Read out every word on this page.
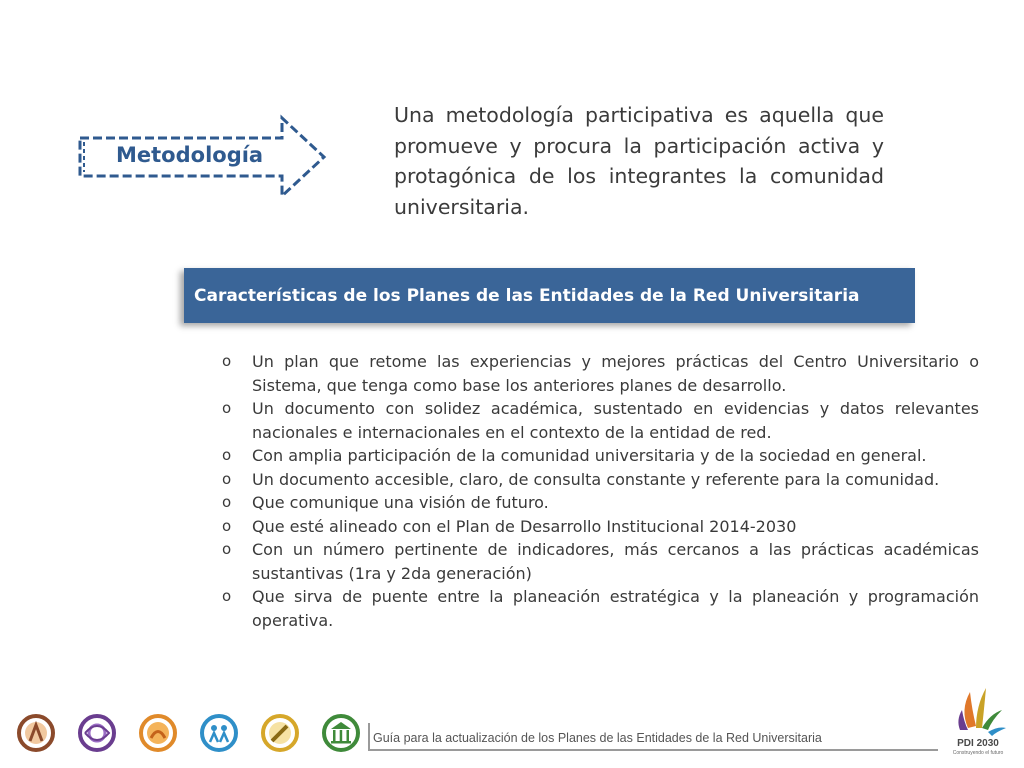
Metodología
Una metodología participativa es aquella que promueve y procura la participación activa y protagónica de los integrantes la comunidad universitaria.
Características de los Planes de las Entidades de la Red Universitaria
o Un plan que retome las experiencias y mejores prácticas del Centro Universitario o Sistema, que tenga como base los anteriores planes de desarrollo.
o Un documento con solidez académica, sustentado en evidencias y datos relevantes nacionales e internacionales en el contexto de la entidad de red.
o Con amplia participación de la comunidad universitaria y de la sociedad en general.
o Un documento accesible, claro, de consulta constante y referente para la comunidad.
o Que comunique una visión de futuro.
o Que esté alineado con el Plan de Desarrollo Institucional 2014-2030
o Con un número pertinente de indicadores, más cercanos a las prácticas académicas sustantivas (1ra y 2da generación)
o Que sirva de puente entre la planeación estratégica y la planeación y programación operativa.
Guía para la actualización de los Planes de las Entidades de la Red Universitaria	PDI 2030
Construyendo el futuro
